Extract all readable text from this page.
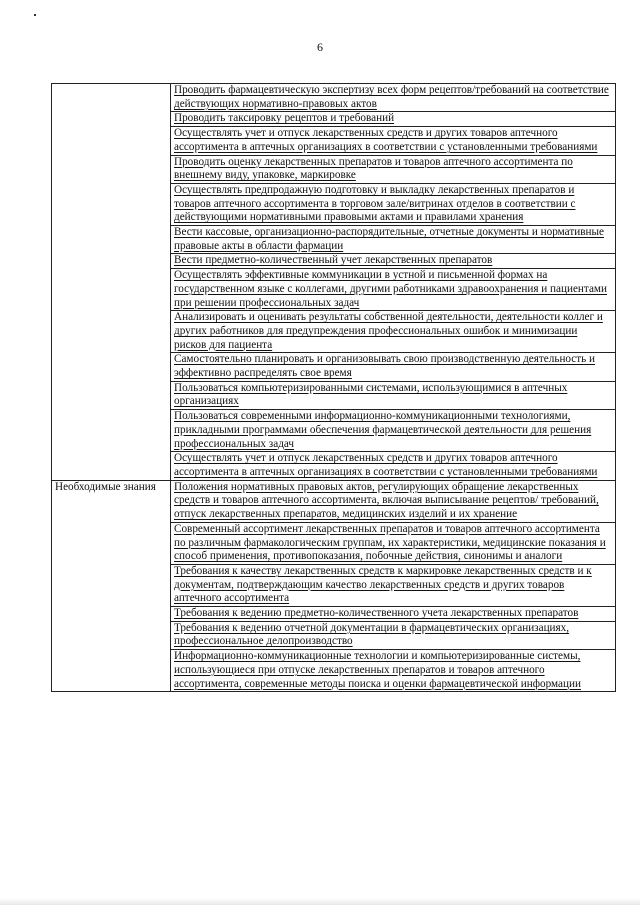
6
	Проводить фармацевтическую экспертизу всех форм рецептов/требований на соответствие действующих нормативно-правовых актов
	Проводить таксировку рецептов и требований
	Осуществлять учет и отпуск лекарственных средств и других товаров аптечного ассортимента в аптечных организациях в соответствии с установленными требованиями
	Проводить оценку лекарственных препаратов и товаров аптечного ассортимента по внешнему виду, упаковке, маркировке
	Осуществлять предпродажную подготовку и выкладку лекарственных препаратов и товаров аптечного ассортимента в торговом зале/витринах отделов в соответствии с действующими нормативными правовыми актами и правилами хранения
	Вести кассовые, организационно-распорядительные, отчетные документы и нормативные правовые акты в области фармации
	Вести предметно-количественный учет лекарственных препаратов
	Осуществлять эффективные коммуникации в устной и письменной формах на государственном языке с коллегами, другими работниками здравоохранения и пациентами при решении профессиональных задач
	Анализировать и оценивать результаты собственной деятельности, деятельности коллег и других работников для предупреждения профессиональных ошибок и минимизации рисков для пациента
	Самостоятельно планировать и организовывать свою производственную деятельность и эффективно распределять свое время
	Пользоваться компьютеризированными системами, использующимися в аптечных организациях
	Пользоваться современными информационно-коммуникационными технологиями, прикладными программами обеспечения фармацевтической деятельности для решения профессиональных задач
	Осуществлять учет и отпуск лекарственных средств и других товаров аптечного ассортимента в аптечных организациях в соответствии с установленными требованиями
Необходимые знания	Положения нормативных правовых актов, регулирующих обращение лекарственных средств и товаров аптечного ассортимента, включая выписывание рецептов/ требований, отпуск лекарственных препаратов, медицинских изделий и их хранение
	Современный ассортимент лекарственных препаратов и товаров аптечного ассортимента по различным фармакологическим группам, их характеристики, медицинские показания и способ применения, противопоказания, побочные действия, синонимы и аналоги
	Требования к качеству лекарственных средств к маркировке лекарственных средств и к документам, подтверждающим качество лекарственных средств и других товаров аптечного ассортимента
	Требования к ведению предметно-количественного учета лекарственных препаратов
	Требования к ведению отчетной документации в фармацевтических организациях, профессиональное делопроизводство
	Информационно-коммуникационные технологии и компьютеризированные системы, использующиеся при отпуске лекарственных препаратов и товаров аптечного ассортимента, современные методы поиска и оценки фармацевтической информации
